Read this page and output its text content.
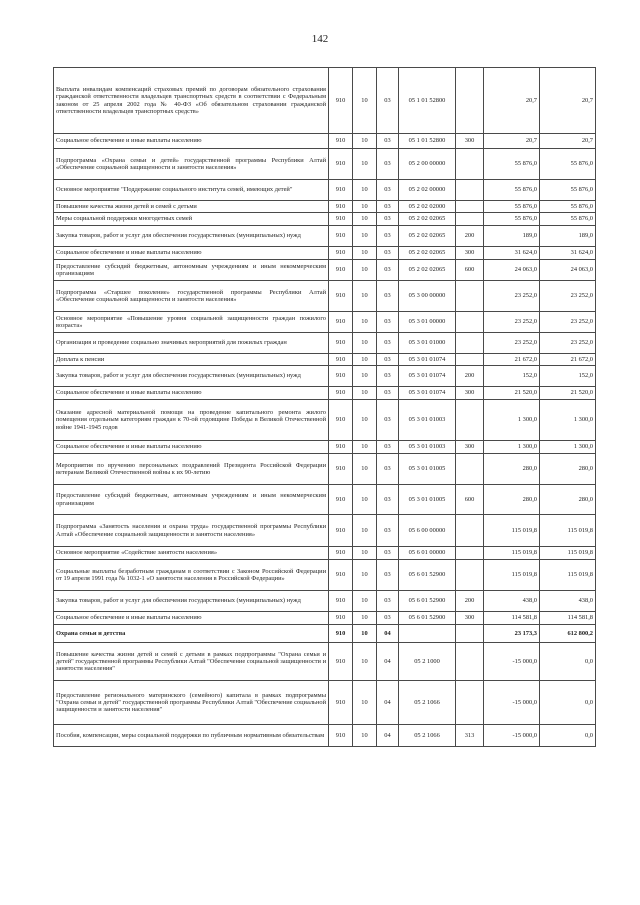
142
Выплата инвалидам компенсаций страховых премий по договорам обязательного страхования гражданской ответственности владельцев транспортных средств в соответствии с Федеральным законом от 25 апреля 2002 года № 40-ФЗ «Об обязательном страховании гражданской ответственности владельцев транспортных средств»	910	10	03	05 1 01 52800		20,7	20,7
Социальное обеспечение и иные выплаты населению	910	10	03	05 1 01 52800	300	20,7	20,7
Подпрограмма «Охрана семьи и детей» государственной программы Республики Алтай «Обеспечение социальной защищенности и занятости населения»	910	10	03	05 2 00 00000		55 876,0	55 876,0
Основное мероприятие "Поддержание социального института семей, имеющих детей"	910	10	03	05 2 02 00000		55 876,0	55 876,0
Повышение качества жизни детей и семей с детьми	910	10	03	05 2 02 02000		55 876,0	55 876,0
Меры социальной поддержки многодетных семей	910	10	03	05 2 02 02065		55 876,0	55 876,0
Закупка товаров, работ и услуг для обеспечения государственных (муниципальных) нужд	910	10	03	05 2 02 02065	200	189,0	189,0
Социальное обеспечение и иные выплаты населению	910	10	03	05 2 02 02065	300	31 624,0	31 624,0
Предоставление субсидий бюджетным, автономным учреждениям и иным некоммерческим организациям	910	10	03	05 2 02 02065	600	24 063,0	24 063,0
Подпрограмма «Старшее поколение» государственной программы Республики Алтай «Обеспечение социальной защищенности и занятости населения»	910	10	03	05 3 00 00000		23 252,0	23 252,0
Основное мероприятие «Повышение уровня социальной защищенности граждан пожилого возраста»	910	10	03	05 3 01 00000		23 252,0	23 252,0
Организация и проведение социально значимых мероприятий для пожилых граждан	910	10	03	05 3 01 01000		23 252,0	23 252,0
Доплата к пенсии	910	10	03	05 3 01 01074		21 672,0	21 672,0
Закупка товаров, работ и услуг для обеспечения государственных (муниципальных) нужд	910	10	03	05 3 01 01074	200	152,0	152,0
Социальное обеспечение и иные выплаты населению	910	10	03	05 3 01 01074	300	21 520,0	21 520,0
Оказание адресной материальной помощи на проведение капитального ремонта жилого помещения отдельным категориям граждан к 70-ой годовщине Победы в Великой Отечественной войне 1941-1945 годов	910	10	03	05 3 01 01003		1 300,0	1 300,0
Социальное обеспечение и иные выплаты населению	910	10	03	05 3 01 01003	300	1 300,0	1 300,0
Мероприятия по вручению персональных поздравлений Президента Российской Федерации ветеранам Великой Отечественной войны к их 90-летию	910	10	03	05 3 01 01005		280,0	280,0
Предоставление субсидий бюджетным, автономным учреждениям и иным некоммерческим организациям	910	10	03	05 3 01 01005	600	280,0	280,0
Подпрограмма «Занятость населения и охрана труда» государственной программы Республики Алтай «Обеспечение социальной защищенности и занятости населения»	910	10	03	05 6 00 00000		115 019,8	115 019,8
Основное мероприятие «Содействие занятости населения»	910	10	03	05 6 01 00000		115 019,8	115 019,8
Социальные выплаты безработным гражданам в соответствии с Законом Российской Федерации от 19 апреля 1991 года № 1032-1 «О занятости населения в Российской Федерации»	910	10	03	05 6 01 52900		115 019,8	115 019,8
Закупка товаров, работ и услуг для обеспечения государственных (муниципальных) нужд	910	10	03	05 6 01 52900	200	438,0	438,0
Социальное обеспечение и иные выплаты населению	910	10	03	05 6 01 52900	300	114 581,8	114 581,8
Охрана семьи и детства	910	10	04			23 173,3	612 800,2
Повышение качества жизни детей и семей с детьми в рамках подпрограммы "Охрана семьи и детей" государственной программы Республики Алтай "Обеспечение социальной защищенности и занятости населения"	910	10	04	05 2 1000		-15 000,0	0,0
Предоставление регионального материнского (семейного) капитала в рамках подпрограммы "Охрана семьи и детей" государственной программы Республики Алтай "Обеспечение социальной защищенности и занятости населения"	910	10	04	05 2 1066		-15 000,0	0,0
Пособия, компенсации, меры социальной поддержки по публичным нормативным обязательствам	910	10	04	05 2 1066	313	-15 000,0	0,0
